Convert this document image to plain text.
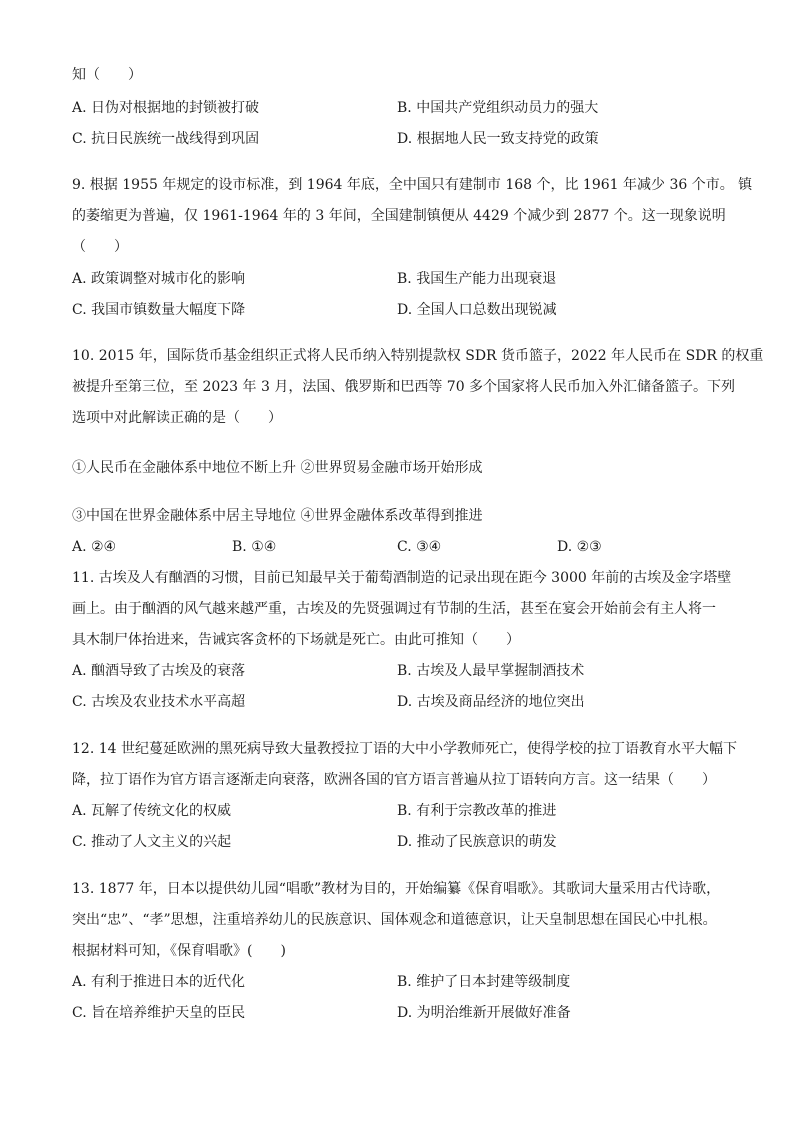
知（　　）
A. 日伪对根据地的封锁被打破	B. 中国共产党组织动员力的强大
C. 抗日民族统一战线得到巩固	D. 根据地人民一致支持党的政策
9. 根据 1955 年规定的设市标准，到 1964 年底，全中国只有建制市 168 个，比 1961 年减少 36 个市。 镇
的萎缩更为普遍，仅 1961-1964 年的 3 年间，全国建制镇便从 4429 个减少到 2877 个。这一现象说明
（　　）
A. 政策调整对城市化的影响	B. 我国生产能力出现衰退
C. 我国市镇数量大幅度下降	D. 全国人口总数出现锐减
10. 2015 年，国际货币基金组织正式将人民币纳入特别提款权 SDR 货币篮子，2022 年人民币在 SDR 的权重
被提升至第三位，至 2023 年 3 月，法国、俄罗斯和巴西等 70 多个国家将人民币加入外汇储备篮子。下列
选项中对此解读正确的是（　　）
①人民币在金融体系中地位不断上升 ②世界贸易金融市场开始形成
③中国在世界金融体系中居主导地位 ④世界金融体系改革得到推进
A. ②④	B. ①④	C. ③④	D. ②③
11. 古埃及人有酗酒的习惯，目前已知最早关于葡萄酒制造的记录出现在距今 3000 年前的古埃及金字塔壁
画上。由于酗酒的风气越来越严重，古埃及的先贤强调过有节制的生活，甚至在宴会开始前会有主人将一
具木制尸体抬进来，告诫宾客贪杯的下场就是死亡。由此可推知（　　）
A. 酗酒导致了古埃及的衰落	B. 古埃及人最早掌握制酒技术
C. 古埃及农业技术水平高超	D. 古埃及商品经济的地位突出
12. 14 世纪蔓延欧洲的黑死病导致大量教授拉丁语的大中小学教师死亡，使得学校的拉丁语教育水平大幅下
降，拉丁语作为官方语言逐渐走向衰落，欧洲各国的官方语言普遍从拉丁语转向方言。这一结果（　　）
A. 瓦解了传统文化的权威	B. 有利于宗教改革的推进
C. 推动了人文主义的兴起	D. 推动了民族意识的萌发
13. 1877 年，日本以提供幼儿园“唱歌”教材为目的，开始编纂《保育唱歌》。其歌词大量采用古代诗歌，
突出“忠”、“孝”思想，注重培养幼儿的民族意识、国体观念和道德意识，让天皇制思想在国民心中扎根。
根据材料可知，《保育唱歌》(　　)
A. 有利于推进日本的近代化	B. 维护了日本封建等级制度
C. 旨在培养维护天皇的臣民	D. 为明治维新开展做好准备
